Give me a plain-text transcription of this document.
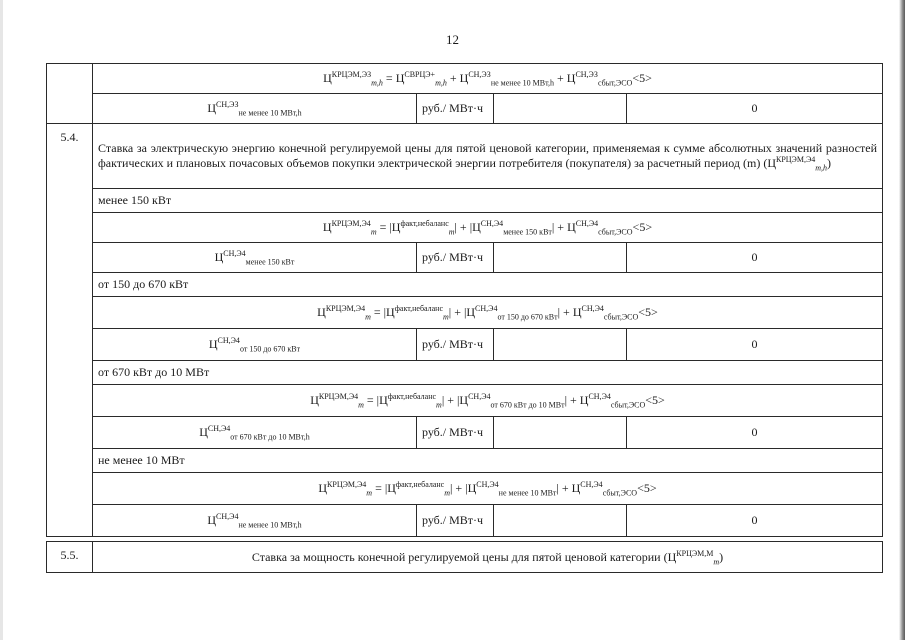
12
	$Ц^{КРЦЭМ,ЭЗ}_{m,h} = Ц^{СВРЦЭ+}_{m,h} + Ц^{СН,ЭЗ}_{не менее 10 МВт,h} + Ц^{СН,ЭЗ}_{сбыт,ЭСО}<5>$			
	$Ц^{СН,ЭЗ}_{не менее 10 МВт,h}$	руб./ МВт·ч		0
5.4.	Ставка за электрическую энергию конечной регулируемой цены для пятой ценовой категории, применяемая к сумме абсолютных значений разностей фактических и плановых почасовых объемов покупки электрической энергии потребителя (покупателя) за расчетный период (m) $(Ц^{КРЦЭМ,Э4}_{m,h})$			
	менее 150 кВт			
	$Ц^{КРЦЭМ,Э4}_m = |Ц^{факт,небаланс}_m| + |Ц^{СН,Э4}_{менее 150 кВт}| + Ц^{СН,Э4}_{сбыт,ЭСО}<5>$			
	$Ц^{СН,Э4}_{менее 150 кВт}$	руб./ МВт·ч		0
	от 150 до 670 кВт			
	$Ц^{КРЦЭМ,Э4}_m = |Ц^{факт,небаланс}_m| + |Ц^{СН,Э4}_{от 150 до 670 кВт}| + Ц^{СН,Э4}_{сбыт,ЭСО}<5>$			
	$Ц^{СН,Э4}_{от 150 до 670 кВт}$	руб./ МВт·ч		0
	от 670 кВт до 10 МВт			
	$Ц^{КРЦЭМ,Э4}_m = |Ц^{факт,небаланс}_m| + |Ц^{СН,Э4}_{от 670 кВт до 10 МВт}| + Ц^{СН,Э4}_{сбыт,ЭСО}<5>$			
	$Ц^{СН,Э4}_{от 670 кВт до 10 МВт,h}$	руб./ МВт·ч		0
	не менее 10 МВт			
	$Ц^{КРЦЭМ,Э4}_m = |Ц^{факт,небаланс}_m| + |Ц^{СН,Э4}_{не менее 10 МВт}| + Ц^{СН,Э4}_{сбыт,ЭСО}<5>$			
	$Ц^{СН,Э4}_{не менее 10 МВт,h}$	руб./ МВт·ч		0
5.5.	Ставка за мощность конечной регулируемой цены для пятой ценовой категории $(Ц^{КРЦЭМ,М}_m)$
